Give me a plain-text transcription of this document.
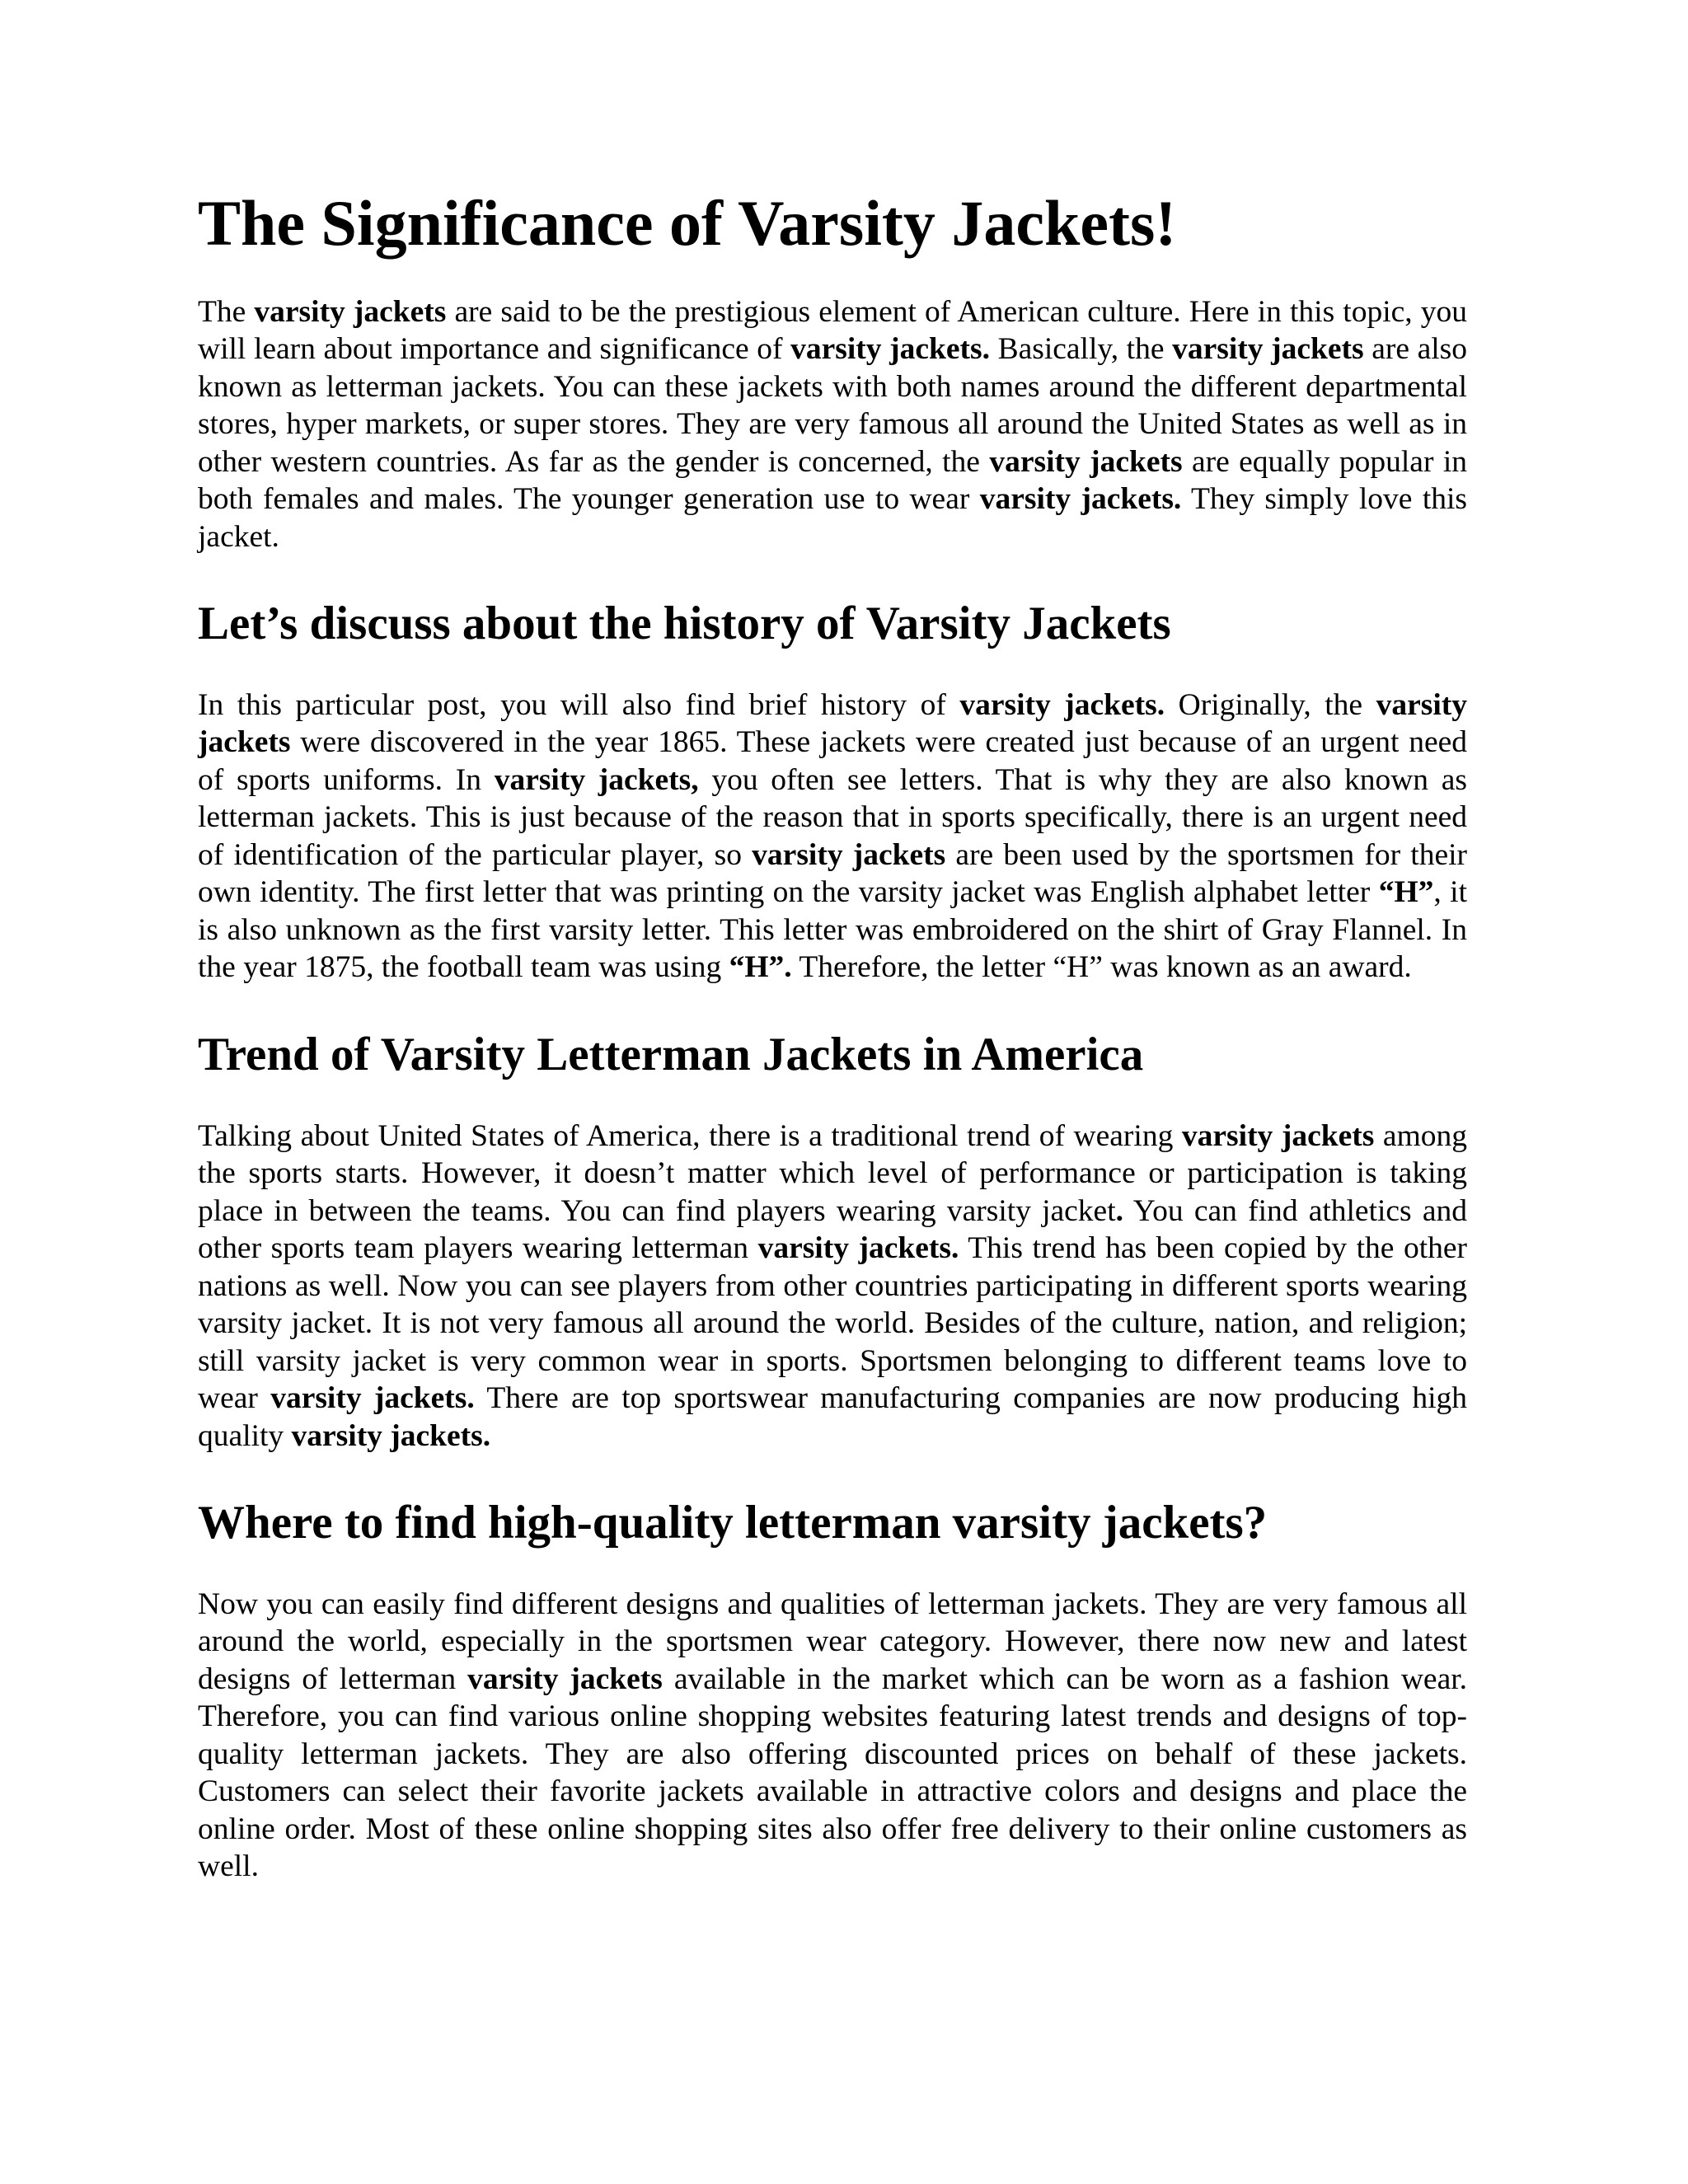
The Significance of Varsity Jackets!

The varsity jackets are said to be the prestigious element of American culture. Here in this topic, you will learn about importance and significance of varsity jackets. Basically, the varsity jackets are also known as letterman jackets. You can these jackets with both names around the different departmental stores, hyper markets, or super stores. They are very famous all around the United States as well as in other western countries. As far as the gender is concerned, the varsity jackets are equally popular in both females and males. The younger generation use to wear varsity jackets. They simply love this jacket.

Let’s discuss about the history of Varsity Jackets

In this particular post, you will also find brief history of varsity jackets. Originally, the varsity jackets were discovered in the year 1865. These jackets were created just because of an urgent need of sports uniforms. In varsity jackets, you often see letters. That is why they are also known as letterman jackets. This is just because of the reason that in sports specifically, there is an urgent need of identification of the particular player, so varsity jackets are been used by the sportsmen for their own identity. The first letter that was printing on the varsity jacket was English alphabet letter “H”, it is also unknown as the first varsity letter. This letter was embroidered on the shirt of Gray Flannel. In the year 1875, the football team was using “H”. Therefore, the letter “H” was known as an award.

Trend of Varsity Letterman Jackets in America

Talking about United States of America, there is a traditional trend of wearing varsity jackets among the sports starts. However, it doesn’t matter which level of performance or participation is taking place in between the teams. You can find players wearing varsity jacket. You can find athletics and other sports team players wearing letterman varsity jackets. This trend has been copied by the other nations as well. Now you can see players from other countries participating in different sports wearing varsity jacket. It is not very famous all around the world. Besides of the culture, nation, and religion; still varsity jacket is very common wear in sports. Sportsmen belonging to different teams love to wear varsity jackets. There are top sportswear manufacturing companies are now producing high quality varsity jackets.

Where to find high-quality letterman varsity jackets?

Now you can easily find different designs and qualities of letterman jackets. They are very famous all around the world, especially in the sportsmen wear category. However, there now new and latest designs of letterman varsity jackets available in the market which can be worn as a fashion wear. Therefore, you can find various online shopping websites featuring latest trends and designs of top-quality letterman jackets. They are also offering discounted prices on behalf of these jackets. Customers can select their favorite jackets available in attractive colors and designs and place the online order. Most of these online shopping sites also offer free delivery to their online customers as well.
